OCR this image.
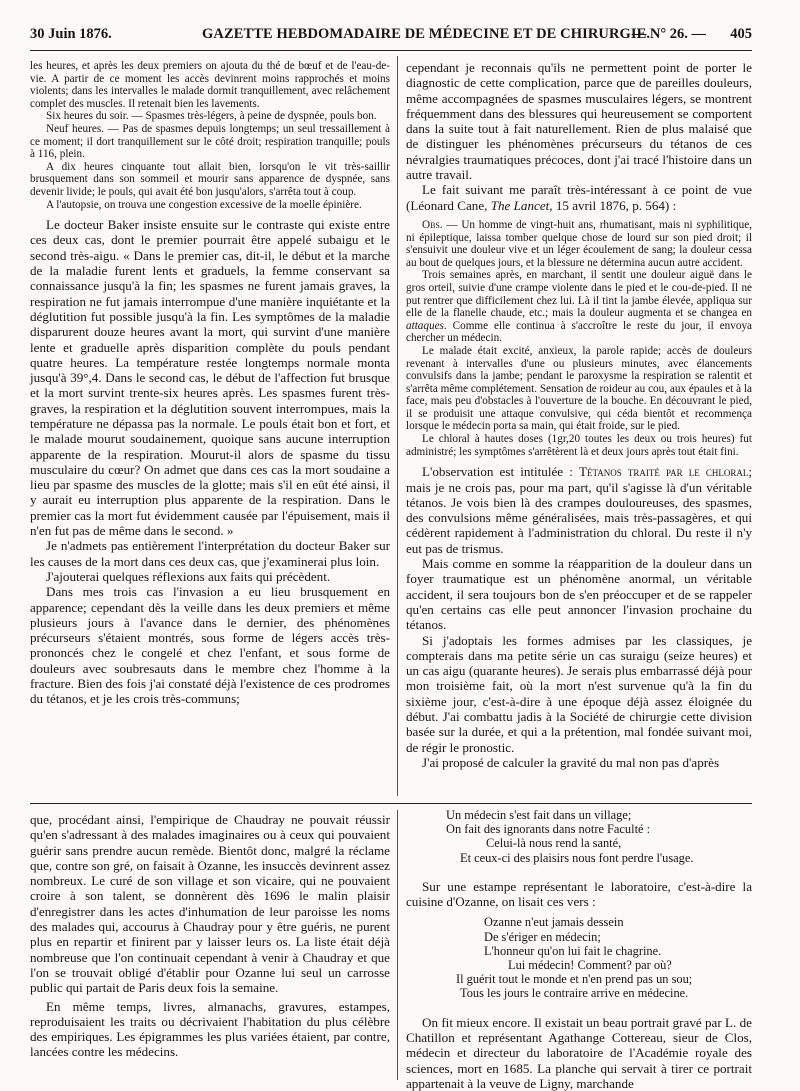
30 Juin 1876.	GAZETTE HEBDOMADAIRE DE MÉDECINE ET DE CHIRURGIE.
— N° 26. — 405

les heures, et après les deux premiers on ajouta du thé de bœuf et de l'eau-de-vie. A partir de ce moment les accès devinrent moins rapprochés et moins violents; dans les intervalles le malade dormit tranquillement, avec relâchement complet des muscles. Il retenait bien les lavements.

Six heures du soir. — Spasmes très-légers, à peine de dyspnée, pouls bon.

Neuf heures. — Pas de spasmes depuis longtemps; un seul tressaillement à ce moment; il dort tranquillement sur le côté droit; respiration tranquille; pouls à 116, plein.

A dix heures cinquante tout allait bien, lorsqu'on le vit très-saillir brusquement dans son sommeil et mourir sans apparence de dyspnée, sans devenir livide; le pouls, qui avait été bon jusqu'alors, s'arrêta tout à coup.

A l'autopsie, on trouva une congestion excessive de la moelle épinière.

Le docteur Baker insiste ensuite sur le contraste qui existe entre ces deux cas, dont le premier pourrait être appelé subaigu et le second très-aigu. « Dans le premier cas, dit-il, le début et la marche de la maladie furent lents et graduels, la femme conservant sa connaissance jusqu'à la fin; les spasmes ne furent jamais graves, la respiration ne fut jamais interrompue d'une manière inquiétante et la déglutition fut possible jusqu'à la fin. Les symptômes de la maladie disparurent douze heures avant la mort, qui survint d'une manière lente et graduelle après disparition complète du pouls pendant quatre heures. La température restée longtemps normale monta jusqu'à 39°,4. Dans le second cas, le début de l'affection fut brusque et la mort survint trente-six heures après. Les spasmes furent très-graves, la respiration et la déglutition souvent interrompues, mais la température ne dépassa pas la normale. Le pouls était bon et fort, et le malade mourut soudainement, quoique sans aucune interruption apparente de la respiration. Mourut-il alors de spasme du tissu musculaire du cœur? On admet que dans ces cas la mort soudaine a lieu par spasme des muscles de la glotte; mais s'il en eût été ainsi, il y aurait eu interruption plus apparente de la respiration. Dans le premier cas la mort fut évidemment causée par l'épuisement, mais il n'en fut pas de même dans le second. »

Je n'admets pas entièrement l'interprétation du docteur Baker sur les causes de la mort dans ces deux cas, que j'examinerai plus loin.

J'ajouterai quelques réflexions aux faits qui précèdent.

Dans mes trois cas l'invasion a eu lieu brusquement en apparence; cependant dès la veille dans les deux premiers et même plusieurs jours à l'avance dans le dernier, des phénomènes précurseurs s'étaient montrés, sous forme de légers accès très-prononcés chez le congelé et chez l'enfant, et sous forme de douleurs avec soubresauts dans le membre chez l'homme à la fracture. Bien des fois j'ai constaté déjà l'existence de ces prodromes du tétanos, et je les crois très-communs;

cependant je reconnais qu'ils ne permettent point de porter le diagnostic de cette complication, parce que de pareilles douleurs, même accompagnées de spasmes musculaires légers, se montrent fréquemment dans des blessures qui heureusement se comportent dans la suite tout à fait naturellement. Rien de plus malaisé que de distinguer les phénomènes précurseurs du tétanos de ces névralgies traumatiques précoces, dont j'ai tracé l'histoire dans un autre travail.

Le fait suivant me paraît très-intéressant à ce point de vue (Léonard Cane, The Lancet, 15 avril 1876, p. 564) :

Obs. — Un homme de vingt-huit ans, rhumatisant, mais ni syphilitique, ni épileptique, laissa tomber quelque chose de lourd sur son pied droit; il s'ensuivit une douleur vive et un léger écoulement de sang; la douleur cessa au bout de quelques jours, et la blessure ne détermina aucun autre accident.

Trois semaines après, en marchant, il sentit une douleur aiguë dans le gros orteil, suivie d'une crampe violente dans le pied et le cou-de-pied. Il ne put rentrer que difficilement chez lui. Là il tint la jambe élevée, appliqua sur elle de la flanelle chaude, etc.; mais la douleur augmenta et se changea en attaques. Comme elle continua à s'accroître le reste du jour, il envoya chercher un médecin.

Le malade était excité, anxieux, la parole rapide; accès de douleurs revenant à intervalles d'une ou plusieurs minutes, avec élancements convulsifs dans la jambe; pendant le paroxysme la respiration se ralentit et s'arrêta même complétement. Sensation de roideur au cou, aux épaules et à la face, mais peu d'obstacles à l'ouverture de la bouche. En découvrant le pied, il se produisit une attaque convulsive, qui céda bientôt et recommença lorsque le médecin porta sa main, qui était froide, sur le pied.

Le chloral à hautes doses (1gr,20 toutes les deux ou trois heures) fut administré; les symptômes s'arrêtèrent là et deux jours après tout était fini.

L'observation est intitulée : Tétanos traité par le chloral; mais je ne crois pas, pour ma part, qu'il s'agisse là d'un véritable tétanos. Je vois bien là des crampes douloureuses, des spasmes, des convulsions même généralisées, mais très-passagères, et qui cédèrent rapidement à l'administration du chloral. Du reste il n'y eut pas de trismus.

Mais comme en somme la réapparition de la douleur dans un foyer traumatique est un phénomène anormal, un véritable accident, il sera toujours bon de s'en préoccuper et de se rappeler qu'en certains cas elle peut annoncer l'invasion prochaine du tétanos.

Si j'adoptais les formes admises par les classiques, je compterais dans ma petite série un cas suraigu (seize heures) et un cas aigu (quarante heures). Je serais plus embarrassé déjà pour mon troisième fait, où la mort n'est survenue qu'à la fin du sixième jour, c'est-à-dire à une époque déjà assez éloignée du début. J'ai combattu jadis à la Société de chirurgie cette division basée sur la durée, et qui a la prétention, mal fondée suivant moi, de régir le pronostic.

J'ai proposé de calculer la gravité du mal non pas d'après

que, procédant ainsi, l'empirique de Chaudray ne pouvait réussir qu'en s'adressant à des malades imaginaires ou à ceux qui pouvaient guérir sans prendre aucun remède. Bientôt donc, malgré la réclame que, contre son gré, on faisait à Ozanne, les insuccès devinrent assez nombreux. Le curé de son village et son vicaire, qui ne pouvaient croire à son talent, se donnèrent dès 1696 le malin plaisir d'enregistrer dans les actes d'inhumation de leur paroisse les noms des malades qui, accourus à Chaudray pour y être guéris, ne purent plus en repartir et finirent par y laisser leurs os. La liste était déjà nombreuse que l'on continuait cependant à venir à Chaudray et que l'on se trouvait obligé d'établir pour Ozanne lui seul un carrosse public qui partait de Paris deux fois la semaine.

En même temps, livres, almanachs, gravures, estampes, reproduisaient les traits ou décrivaient l'habitation du plus célèbre des empiriques. Les épigrammes les plus variées étaient, par contre, lancées contre les médecins.

Un médecin s'est fait dans un village;
On fait des ignorants dans notre Faculté :
Celui-là nous rend la santé,
Et ceux-ci des plaisirs nous font perdre l'usage.

Sur une estampe représentant le laboratoire, c'est-à-dire la cuisine d'Ozanne, on lisait ces vers :

Ozanne n'eut jamais dessein
De s'ériger en médecin;
L'honneur qu'on lui fait le chagrine.
Lui médecin! Comment? par où?
Il guérit tout le monde et n'en prend pas un sou;
Tous les jours le contraire arrive en médecine.

On fit mieux encore. Il existait un beau portrait gravé par L. de Chatillon et représentant Agathange Cottereau, sieur de Clos, médecin et directeur du laboratoire de l'Académie royale des sciences, mort en 1685. La planche qui servait à tirer ce portrait appartenait à la veuve de Ligny, marchande
